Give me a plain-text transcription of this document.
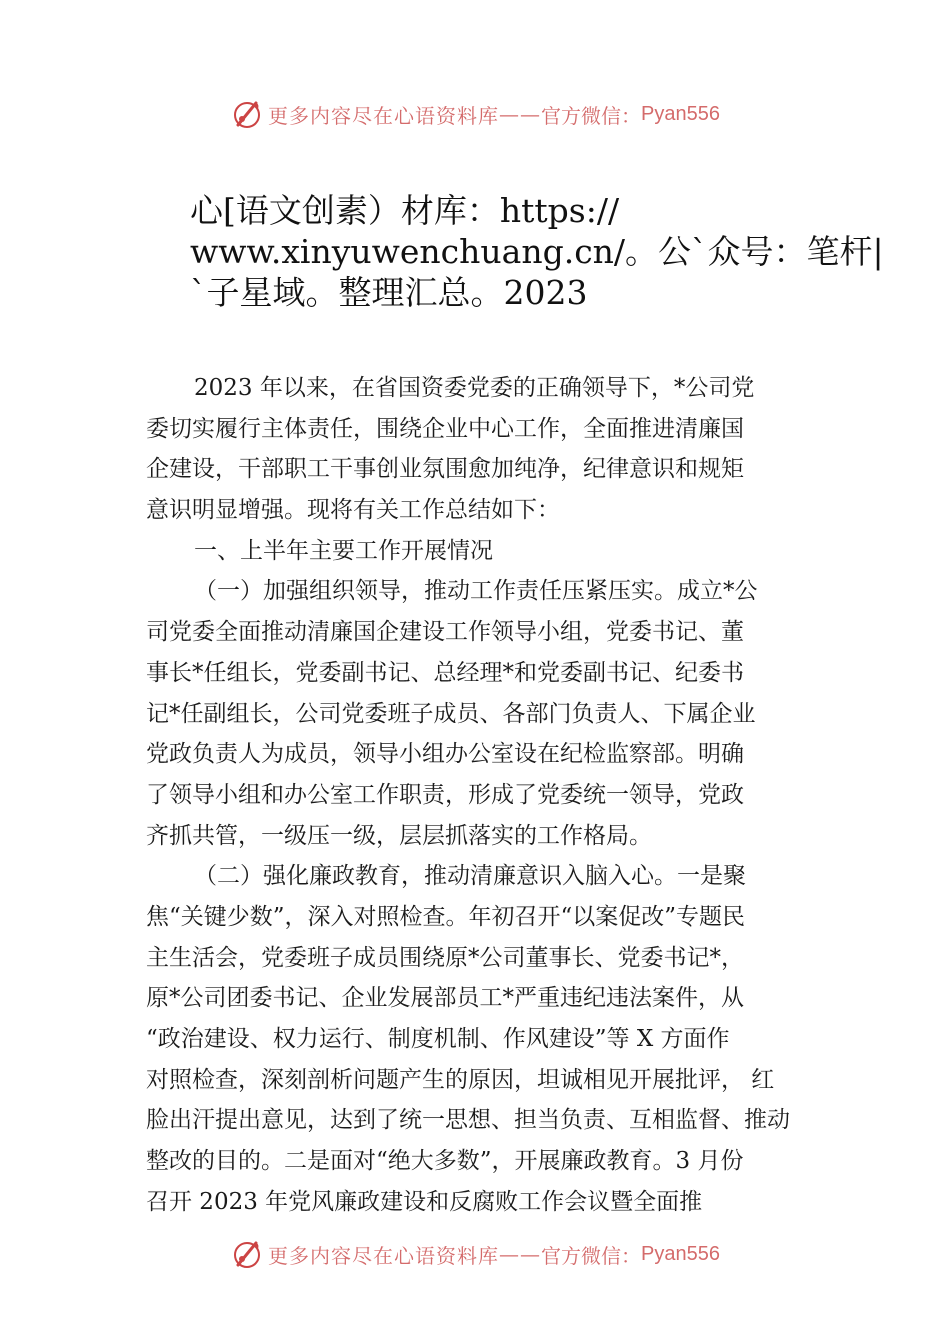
更多内容尽在心语资料库 —— 官方微信： Pyan556
心[语文创素）材库：https://
www.xinyuwenchuang.cn/。公`众号：笔杆|
`子星域。整理汇总。2023
2023 年以来，在省国资委党委的正确领导下，*公司党
委切实履行主体责任，围绕企业中心工作，全面推进清廉国
企建设，干部职工干事创业氛围愈加纯净，纪律意识和规矩
意识明显增强。现将有关工作总结如下：
一、上半年主要工作开展情况
（一）加强组织领导，推动工作责任压紧压实。成立*公
司党委全面推动清廉国企建设工作领导小组，党委书记、董
事长*任组长，党委副书记、总经理*和党委副书记、纪委书
记*任副组长，公司党委班子成员、各部门负责人、下属企业
党政负责人为成员，领导小组办公室设在纪检监察部。明确
了领导小组和办公室工作职责，形成了党委统一领导，党政
齐抓共管，一级压一级，层层抓落实的工作格局。
（二）强化廉政教育，推动清廉意识入脑入心。一是聚
焦“关键少数”，深入对照检查。年初召开“以案促改”专题民
主生活会，党委班子成员围绕原*公司董事长、党委书记*，
原*公司团委书记、企业发展部员工*严重违纪违法案件，从
“政治建设、权力运行、制度机制、作风建设”等 X 方面作
对照检查，深刻剖析问题产生的原因，坦诚相见开展批评， 红
脸出汗提出意见，达到了统一思想、担当负责、互相监督、推动
整改的目的。二是面对“绝大多数”，开展廉政教育。3 月份
召开 2023 年党风廉政建设和反腐败工作会议暨全面推
更多内容尽在心语资料库 —— 官方微信： Pyan556
